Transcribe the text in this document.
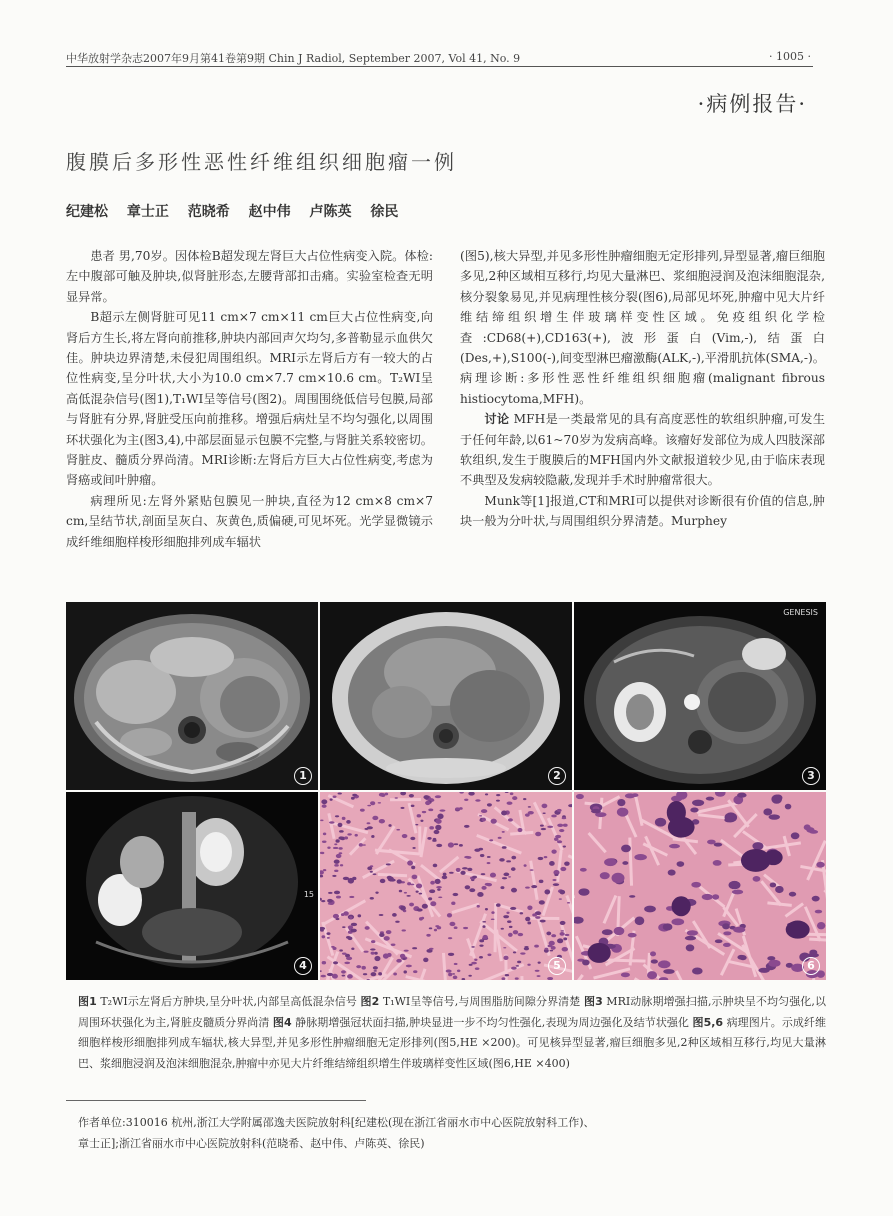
中华放射学杂志2007年9月第41卷第9期 Chin J Radiol, September 2007, Vol 41, No. 9	· 1005 ·
·病例报告·
腹膜后多形性恶性纤维组织细胞瘤一例
纪建松 章士正 范晓希 赵中伟 卢陈英 徐民

患者 男,70岁。因体检B超发现左肾巨大占位性病变入院。体检:左中腹部可触及肿块,似肾脏形态,左腰背部扣击痛。实验室检查无明显异常。

B超示左侧肾脏可见11 cm×7 cm×11 cm巨大占位性病变,向肾后方生长,将左肾向前推移,肿块内部回声欠均匀,多普勒显示血供欠佳。肿块边界清楚,未侵犯周围组织。MRI示左肾后方有一较大的占位性病变,呈分叶状,大小为10.0 cm×7.7 cm×10.6 cm。T₂WI呈高低混杂信号(图1),T₁WI呈等信号(图2)。周围围绕低信号包膜,局部与肾脏有分界,肾脏受压向前推移。增强后病灶呈不均匀强化,以周围环状强化为主(图3,4),中部层面显示包膜不完整,与肾脏关系较密切。肾脏皮、髓质分界尚清。MRI诊断:左肾后方巨大占位性病变,考虑为肾癌或间叶肿瘤。

病理所见:左肾外紧贴包膜见一肿块,直径为12 cm×8 cm×7 cm,呈结节状,剖面呈灰白、灰黄色,质偏硬,可见坏死。光学显微镜示成纤维细胞样梭形细胞排列成车辐状

(图5),核大异型,并见多形性肿瘤细胞无定形排列,异型显著,瘤巨细胞多见,2种区域相互移行,均见大量淋巴、浆细胞浸润及泡沫细胞混杂,核分裂象易见,并见病理性核分裂(图6),局部见坏死,肿瘤中见大片纤维结缔组织增生伴玻璃样变性区域。免疫组织化学检查:CD68(+),CD163(+),波形蛋白(Vim,-),结蛋白(Des,+),S100(-),间变型淋巴瘤激酶(ALK,-),平滑肌抗体(SMA,-)。病理诊断:多形性恶性纤维组织细胞瘤(malignant fibrous histiocytoma,MFH)。

讨论 MFH是一类最常见的具有高度恶性的软组织肿瘤,可发生于任何年龄,以61~70岁为发病高峰。该瘤好发部位为成人四肢深部软组织,发生于腹膜后的MFH国内外文献报道较少见,由于临床表现不典型及发病较隐蔽,发现并手术时肿瘤常很大。

Munk等[1]报道,CT和MRI可以提供对诊断很有价值的信息,肿块一般为分叶状,与周围组织分界清楚。Murphey

1	2
GENESIS
3
15
4	5	6
图1 T₂WI示左肾后方肿块,呈分叶状,内部呈高低混杂信号 图2 T₁WI呈等信号,与周围脂肪间隙分界清楚 图3 MRI动脉期增强扫描,示肿块呈不均匀强化,以周围环状强化为主,肾脏皮髓质分界尚清 图4 静脉期增强冠状面扫描,肿块显进一步不均匀性强化,表现为周边强化及结节状强化 图5,6 病理图片。示成纤维细胞样梭形细胞排列成车辐状,核大异型,并见多形性肿瘤细胞无定形排列(图5,HE ×200)。可见核异型显著,瘤巨细胞多见,2种区域相互移行,均见大量淋巴、浆细胞浸润及泡沫细胞混杂,肿瘤中亦见大片纤维结缔组织增生伴玻璃样变性区域(图6,HE ×400)
作者单位:310016 杭州,浙江大学附属邵逸夫医院放射科[纪建松(现在浙江省丽水市中心医院放射科工作)、
章士正];浙江省丽水市中心医院放射科(范晓希、赵中伟、卢陈英、徐民)
